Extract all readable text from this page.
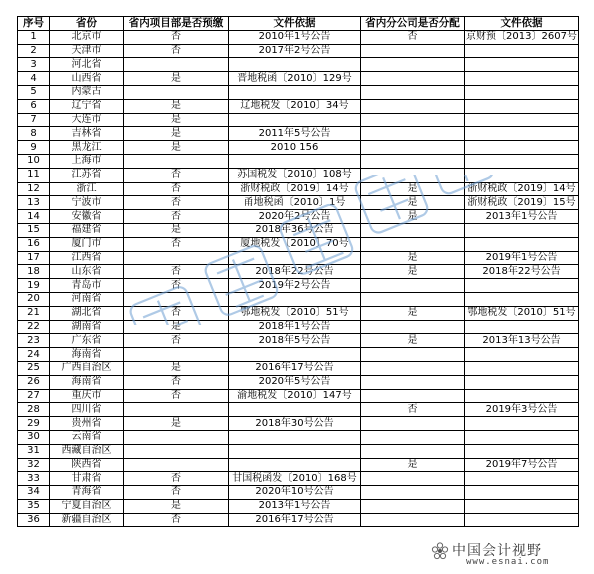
序号	省份	省内项目部是否预缴	文件依据	省内分公司是否分配	文件依据
1	北京市	否	2010年1号公告	否	京财预〔2013〕2607号
2	天津市	否	2017年2号公告		
3	河北省				
4	山西省	是	晋地税函〔2010〕129号		
5	内蒙古				
6	辽宁省	是	辽地税发〔2010〕34号		
7	大连市	是			
8	吉林省	是	2011年5号公告		
9	黑龙江	是	2010 156		
10	上海市				
11	江苏省	否	苏国税发〔2010〕108号		
12	浙江	否	浙财税政〔2019〕14号	是	浙财税政〔2019〕14号
13	宁波市	否	甬地税函〔2010〕1号	是	浙财税政〔2019〕15号
14	安徽省	否	2020年2号公告	是	2013年1号公告
15	福建省	是	2018年36号公告		
16	厦门市	否	厦地税发〔2010〕70号		
17	江西省			是	2019年1号公告
18	山东省	否	2018年22号公告	是	2018年22号公告
19	青岛市	否	2019年2号公告		
20	河南省				
21	湖北省	否	鄂地税发〔2010〕51号	是	鄂地税发〔2010〕51号
22	湖南省	是	2018年1号公告		
23	广东省	否	2018年5号公告	是	2013年13号公告
24	海南省				
25	广西自治区	是	2016年17号公告		
26	海南省	否	2020年5号公告		
27	重庆市	否	渝地税发〔2010〕147号		
28	四川省			否	2019年3号公告
29	贵州省	是	2018年30号公告		
30	云南省				
31	西藏自治区				
32	陕西省			是	2019年7号公告
33	甘肃省	否	甘国税函发〔2010〕168号		
34	青海省	否	2020年10号公告		
35	宁夏自治区	是	2013年1号公告		
36	新疆自治区	否	2016年17号公告		
中国会计视野
www.esnai.com
